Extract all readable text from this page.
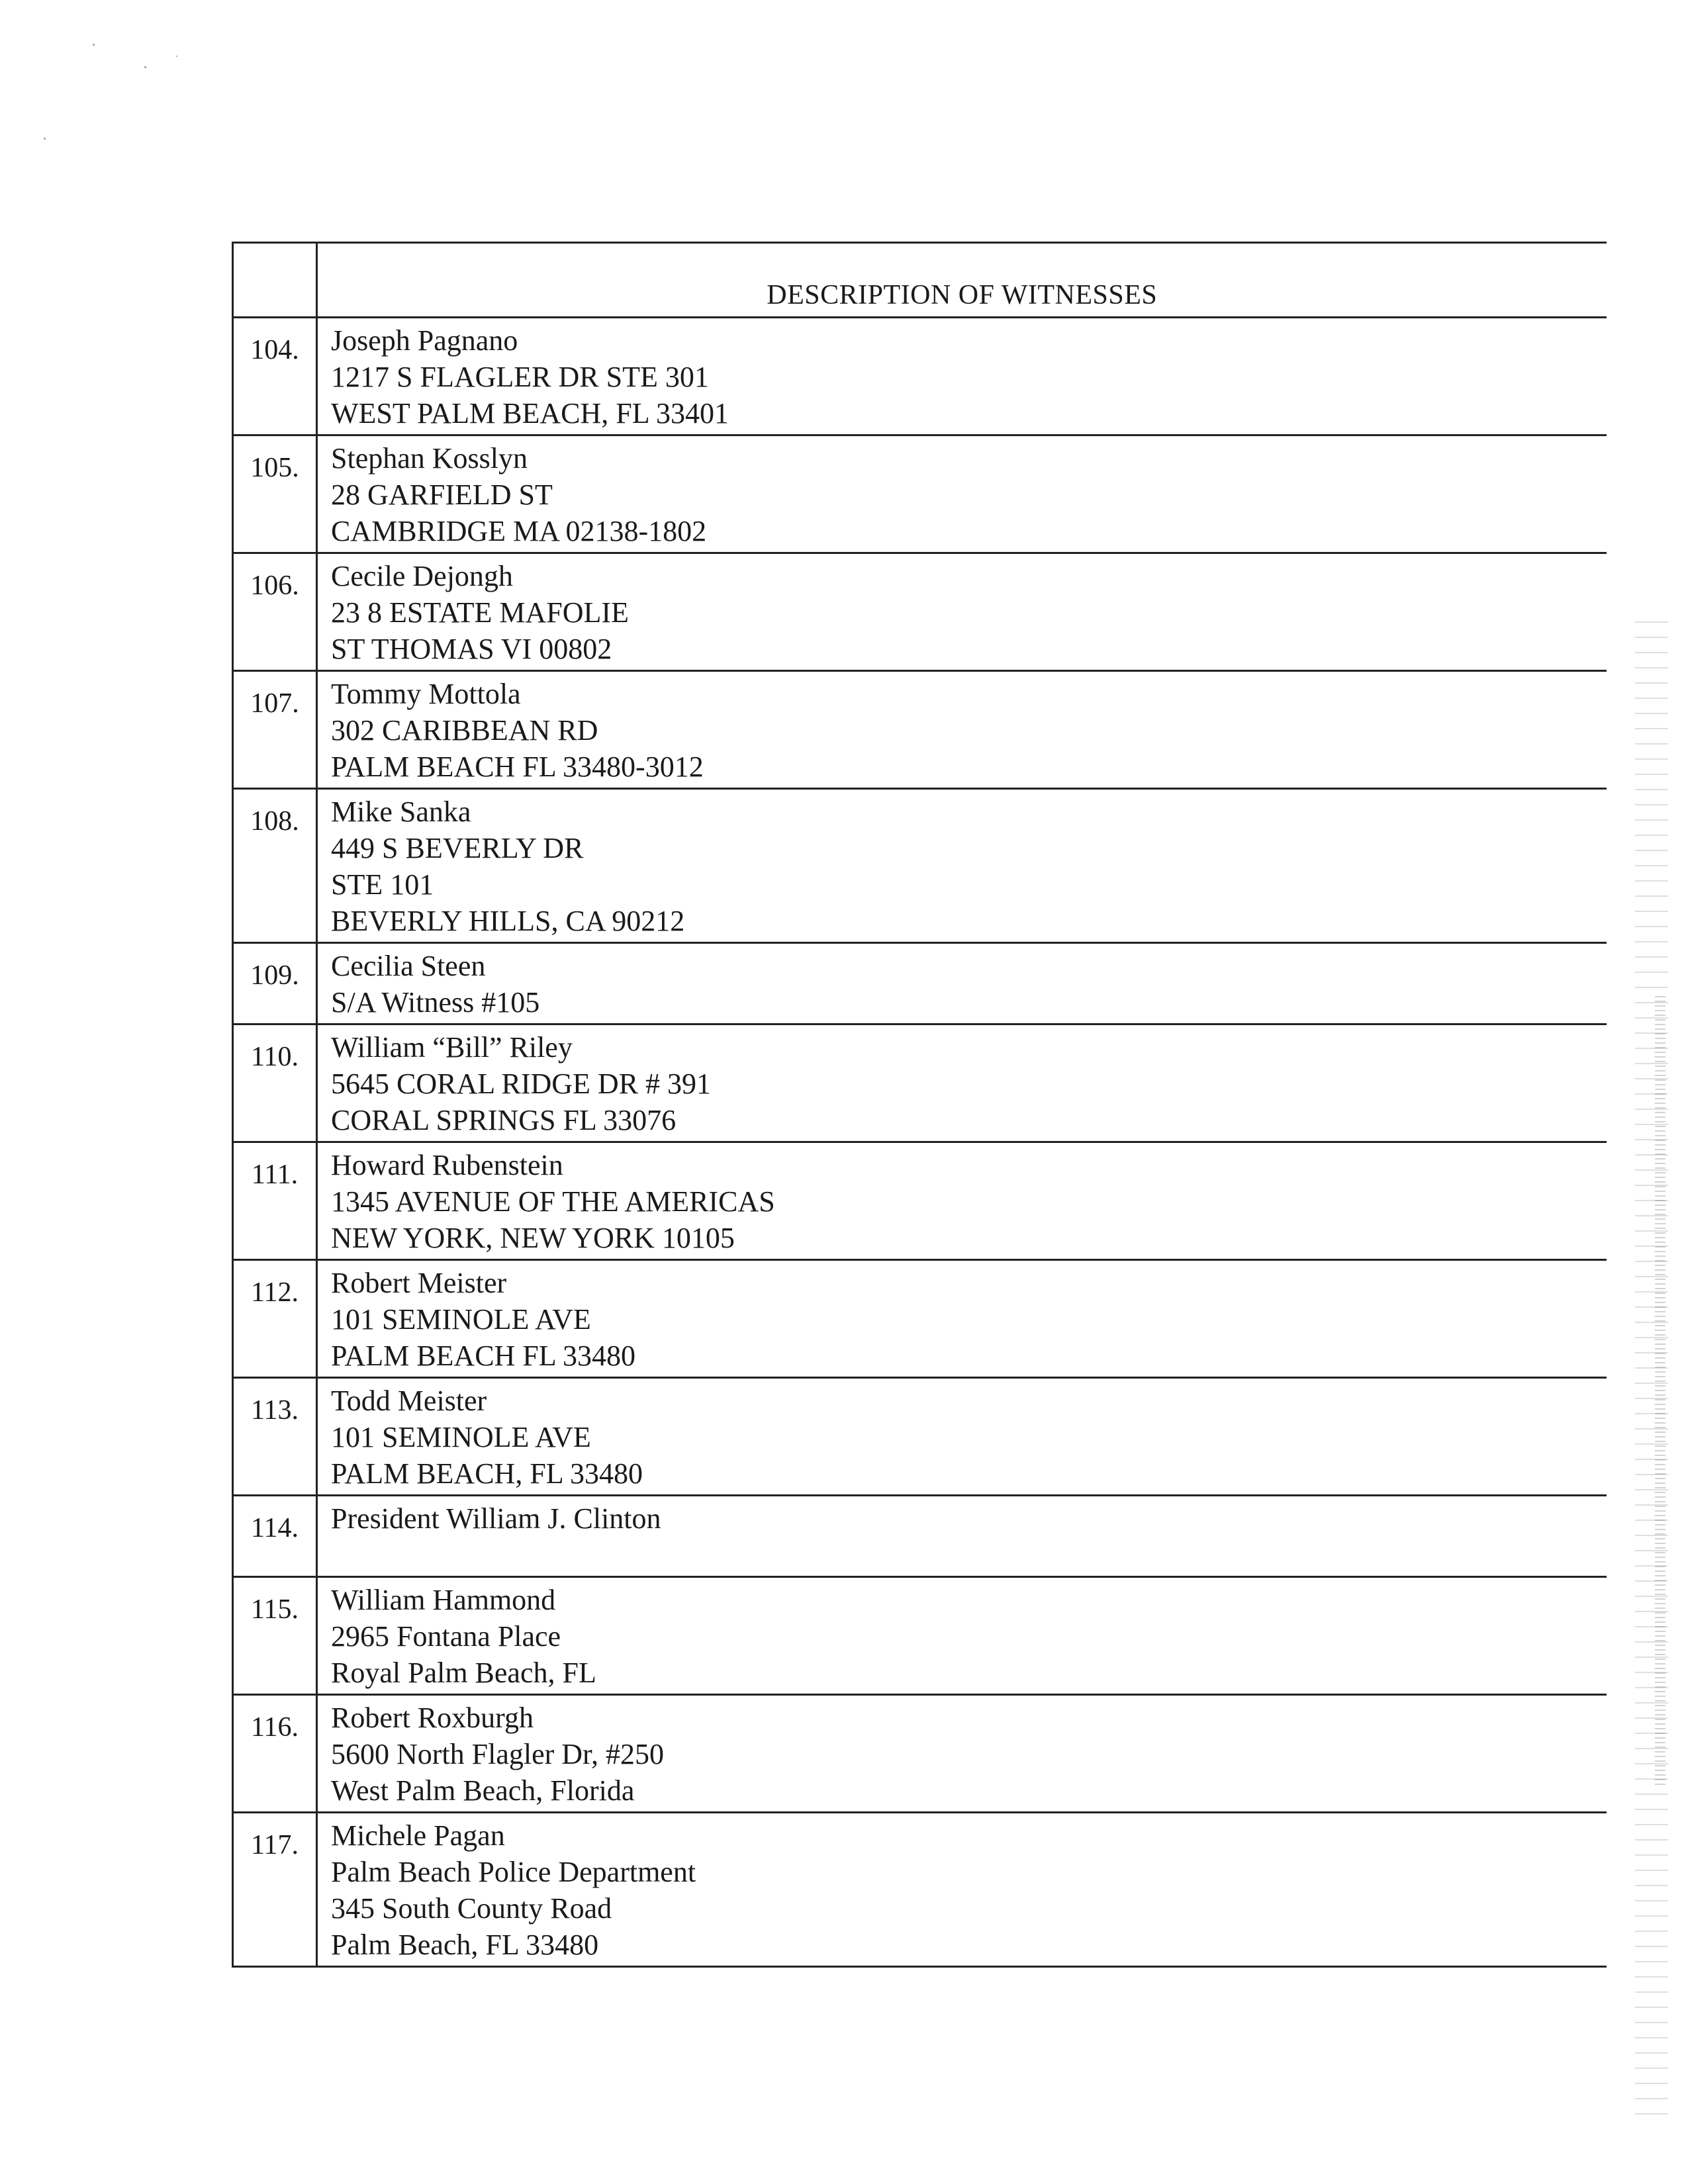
	DESCRIPTION OF WITNESSES

104.	Joseph Pagnano
1217 S FLAGLER DR STE 301
WEST PALM BEACH, FL 33401

105.	Stephan Kosslyn
28 GARFIELD ST
CAMBRIDGE MA 02138-1802

106.	Cecile Dejongh
23 8 ESTATE MAFOLIE
ST THOMAS VI 00802

107.	Tommy Mottola
302 CARIBBEAN RD
PALM BEACH FL 33480-3012

108.	Mike Sanka
449 S BEVERLY DR
STE 101
BEVERLY HILLS, CA 90212

109.	Cecilia Steen
S/A Witness #105

110.	William “Bill” Riley
5645 CORAL RIDGE DR # 391
CORAL SPRINGS FL 33076

111.	Howard Rubenstein
1345 AVENUE OF THE AMERICAS
NEW YORK, NEW YORK 10105

112.	Robert Meister
101 SEMINOLE AVE
PALM BEACH FL 33480

113.	Todd Meister
101 SEMINOLE AVE
PALM BEACH, FL 33480

114.	President William J. Clinton

115.	William Hammond
2965 Fontana Place
Royal Palm Beach, FL

116.	Robert Roxburgh
5600 North Flagler Dr, #250
West Palm Beach, Florida

117.	Michele Pagan
Palm Beach Police Department
345 South County Road
Palm Beach, FL 33480
